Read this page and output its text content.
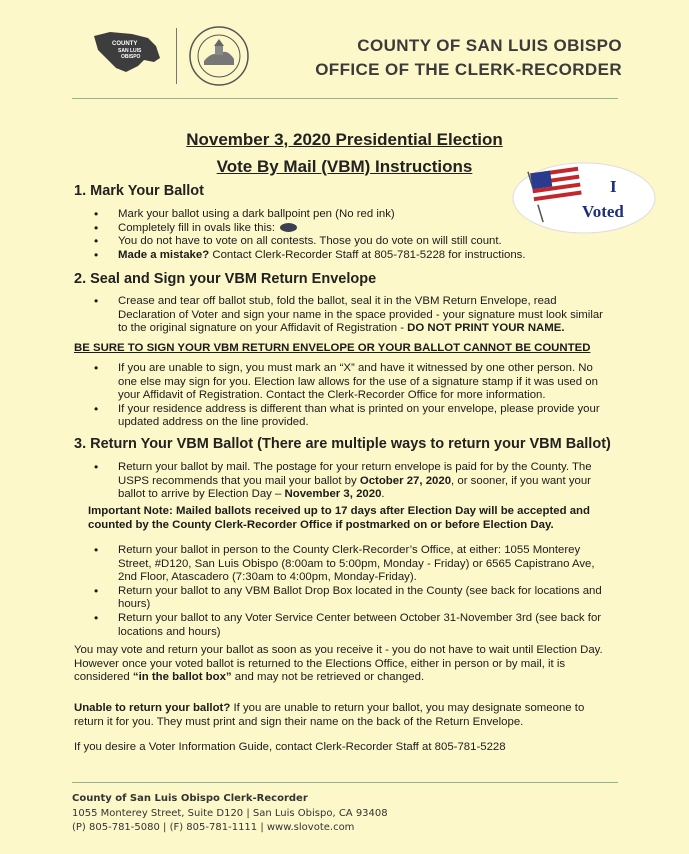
COUNTY
SAN LUIS
OBISPO
COUNTY OF SAN LUIS OBISPO
OFFICE OF THE CLERK-RECORDER
November 3, 2020 Presidential Election
Vote By Mail (VBM) Instructions
I
Voted
1. Mark Your Ballot
• Mark your ballot using a dark ballpoint pen (No red ink)
• Completely fill in ovals like this:
• You do not have to vote on all contests. Those you do vote on will still count.
• Made a mistake? Contact Clerk-Recorder Staff at 805-781-5228 for instructions.
2. Seal and Sign your VBM Return Envelope
• Crease and tear off ballot stub, fold the ballot, seal it in the VBM Return Envelope, read Declaration of Voter and sign your name in the space provided - your signature must look similar to the original signature on your Affidavit of Registration - DO NOT PRINT YOUR NAME.
BE SURE TO SIGN YOUR VBM RETURN ENVELOPE OR YOUR BALLOT CANNOT BE COUNTED
• If you are unable to sign, you must mark an “X” and have it witnessed by one other person. No one else may sign for you. Election law allows for the use of a signature stamp if it was used on your Affidavit of Registration. Contact the Clerk-Recorder Office for more information.
• If your residence address is different than what is printed on your envelope, please provide your updated address on the line provided.
3. Return Your VBM Ballot (There are multiple ways to return your VBM Ballot)
• Return your ballot by mail. The postage for your return envelope is paid for by the County. The USPS recommends that you mail your ballot by October 27, 2020, or sooner, if you want your ballot to arrive by Election Day – November 3, 2020.
Important Note: Mailed ballots received up to 17 days after Election Day will be accepted and counted by the County Clerk-Recorder Office if postmarked on or before Election Day.
• Return your ballot in person to the County Clerk-Recorder’s Office, at either: 1055 Monterey Street, #D120, San Luis Obispo (8:00am to 5:00pm, Monday - Friday) or 6565 Capistrano Ave, 2nd Floor, Atascadero (7:30am to 4:00pm, Monday-Friday).
• Return your ballot to any VBM Ballot Drop Box located in the County (see back for locations and hours)
• Return your ballot to any Voter Service Center between October 31-November 3rd (see back for locations and hours)
You may vote and return your ballot as soon as you receive it - you do not have to wait until Election Day. However once your voted ballot is returned to the Elections Office, either in person or by mail, it is considered “in the ballot box” and may not be retrieved or changed.
Unable to return your ballot? If you are unable to return your ballot, you may designate someone to return it for you. They must print and sign their name on the back of the Return Envelope.
If you desire a Voter Information Guide, contact Clerk-Recorder Staff at 805-781-5228
County of San Luis Obispo Clerk-Recorder
1055 Monterey Street, Suite D120 | San Luis Obispo, CA 93408
(P) 805-781-5080 | (F) 805-781-1111 | www.slovote.com
